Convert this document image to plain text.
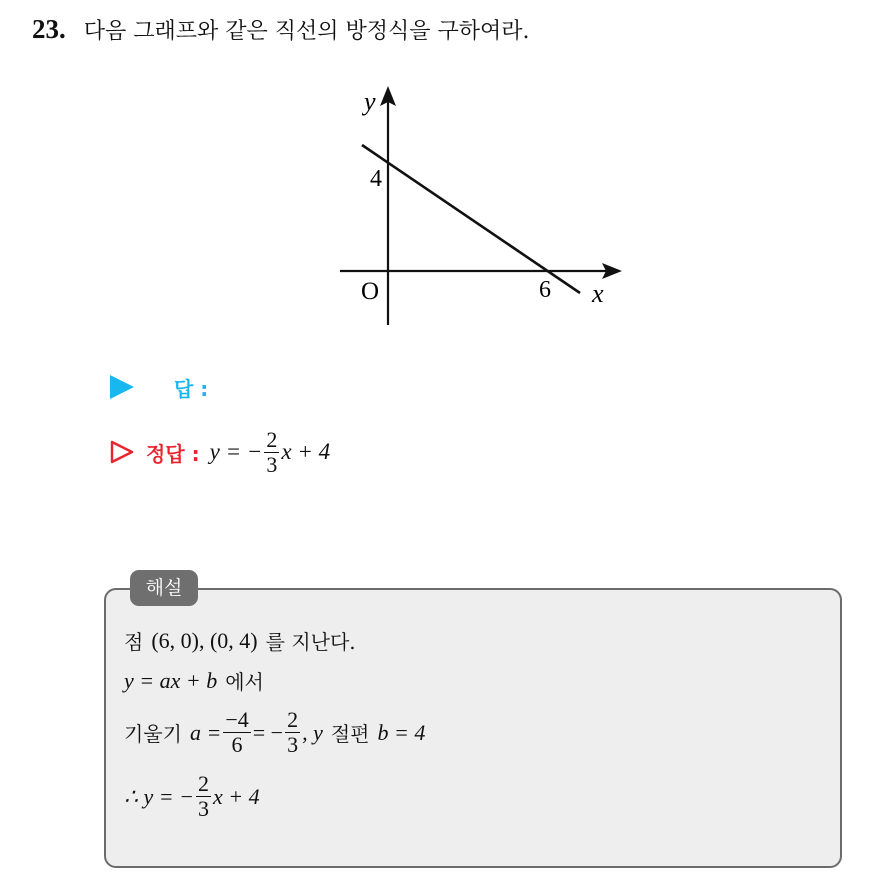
23. 다음 그래프와 같은 직선의 방정식을 구하여라.
y
x
O
4
6
답 :
정답 : y = − $\frac{2}{3}$ x + 4
해설
점 (6, 0), (0, 4) 를 지난다.
y = ax + b 에서
기울기 $a = \frac{-4}{6}$ = − $\frac{2}{3}$ , y 절편 b = 4
∴ y = − $\frac{2}{3}$ x + 4
